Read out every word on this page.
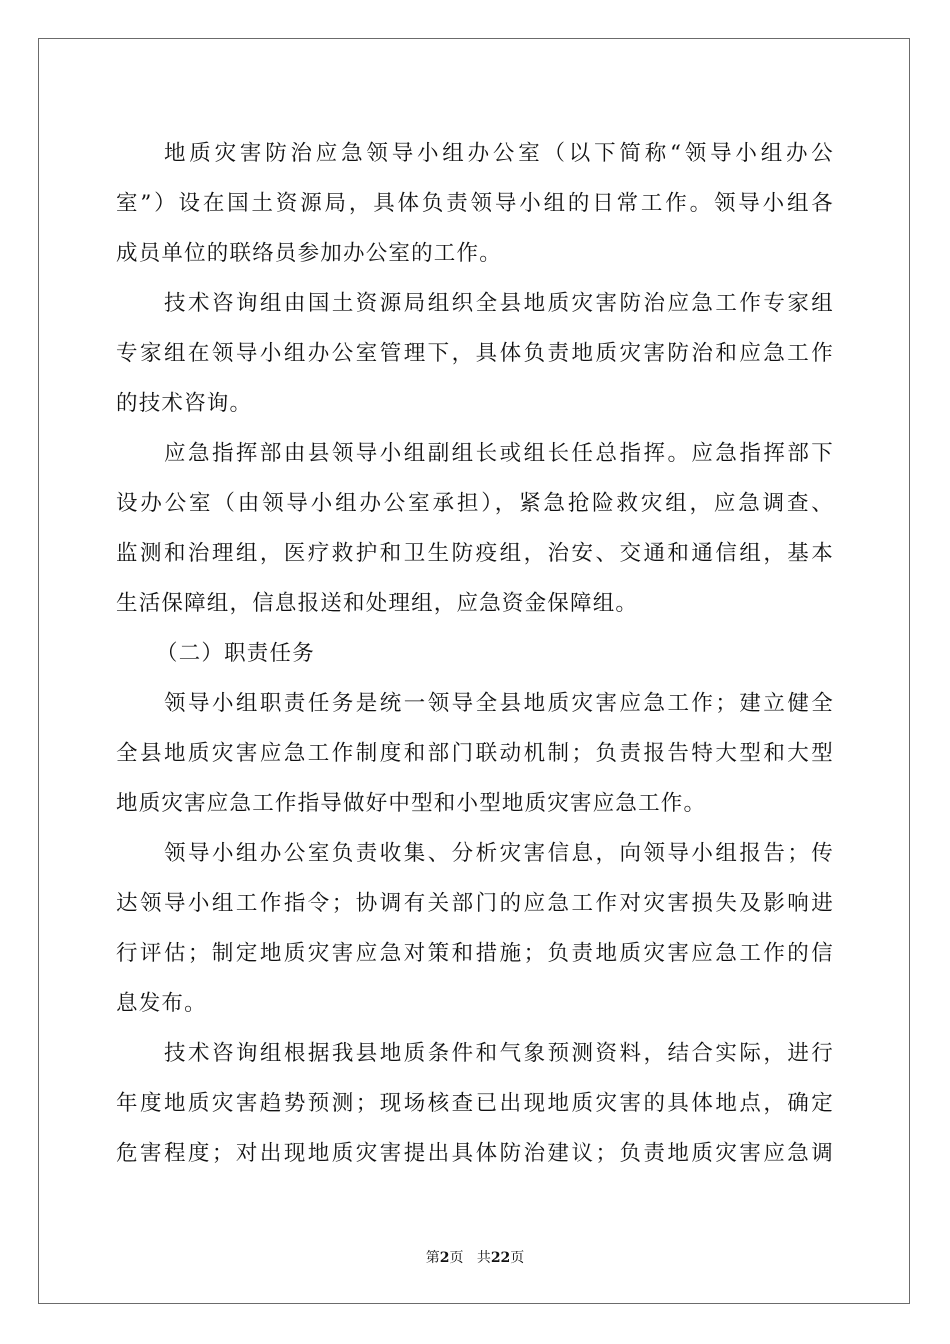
地质灾害防治应急领导小组办公室（以下简称“领导小组办公
室”）设在国土资源局，具体负责领导小组的日常工作。领导小组各
成员单位的联络员参加办公室的工作。
技术咨询组由国土资源局组织全县地质灾害防治应急工作专家组
专家组在领导小组办公室管理下，具体负责地质灾害防治和应急工作
的技术咨询。
应急指挥部由县领导小组副组长或组长任总指挥。应急指挥部下
设办公室（由领导小组办公室承担），紧急抢险救灾组，应急调查、
监测和治理组，医疗救护和卫生防疫组，治安、交通和通信组，基本
生活保障组，信息报送和处理组，应急资金保障组。
（二）职责任务
领导小组职责任务是统一领导全县地质灾害应急工作；建立健全
全县地质灾害应急工作制度和部门联动机制；负责报告特大型和大型
地质灾害应急工作指导做好中型和小型地质灾害应急工作。
领导小组办公室负责收集、分析灾害信息，向领导小组报告；传
达领导小组工作指令；协调有关部门的应急工作对灾害损失及影响进
行评估；制定地质灾害应急对策和措施；负责地质灾害应急工作的信
息发布。
技术咨询组根据我县地质条件和气象预测资料，结合实际，进行
年度地质灾害趋势预测；现场核查已出现地质灾害的具体地点，确定
危害程度；对出现地质灾害提出具体防治建议；负责地质灾害应急调
第2页 共22页
